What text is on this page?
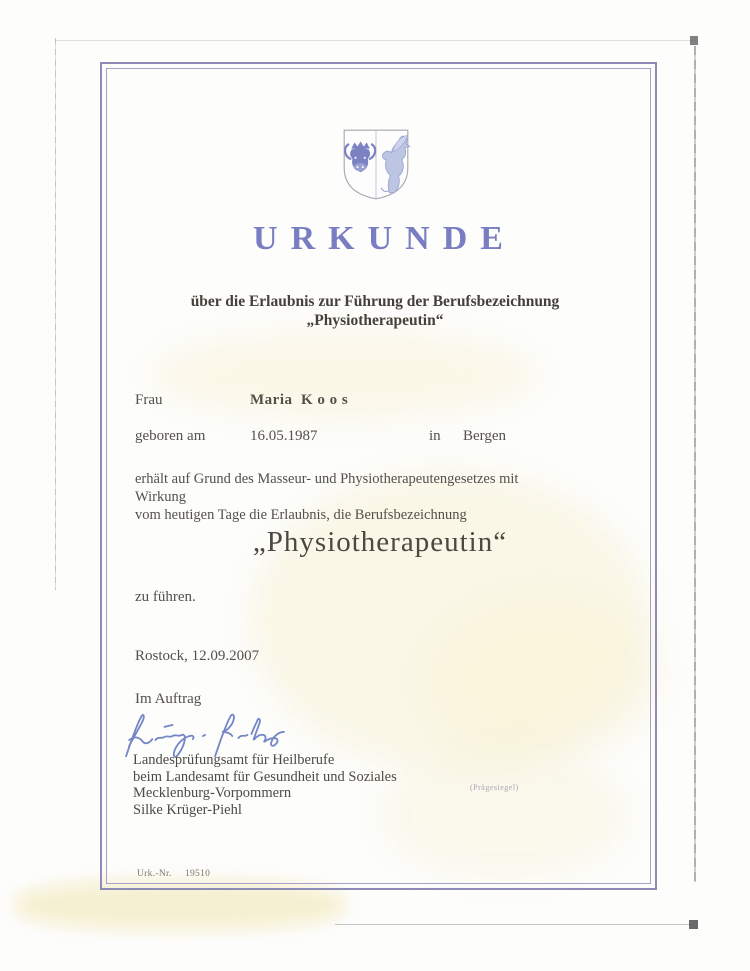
URKUNDE
über die Erlaubnis zur Führung der Berufsbezeichnung
„Physiotherapeutin“
Frau	Maria  K o o s
geboren am	16.05.1987	in Bergen
erhält auf Grund des Masseur- und Physiotherapeutengesetzes mit Wirkung
vom heutigen Tage die Erlaubnis, die Berufsbezeichnung
„Physiotherapeutin“
zu führen.
Rostock, 12.09.2007
Im Auftrag
Landesprüfungsamt für Heilberufe
beim Landesamt für Gesundheit und Soziales
Mecklenburg-Vorpommern
Silke Krüger-Piehl
(Prägesiegel)
Urk.-Nr.  19510
